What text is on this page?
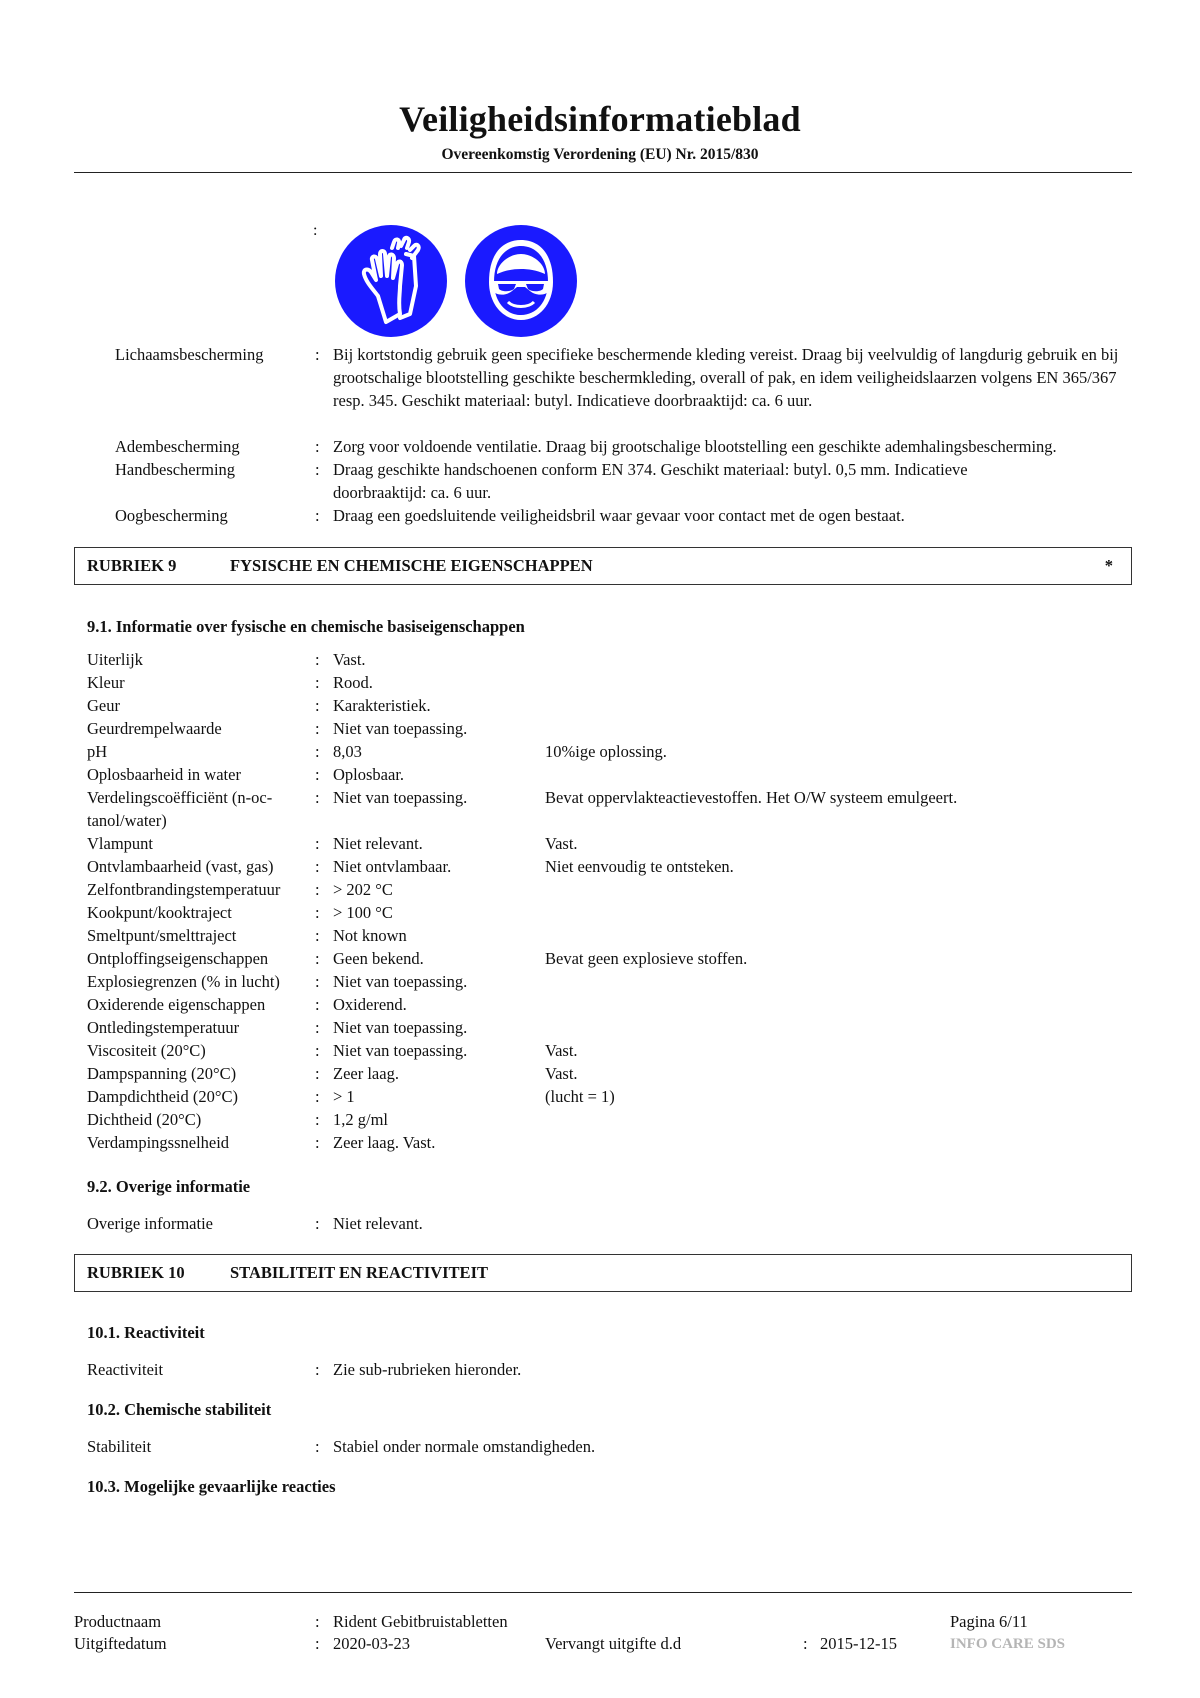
Veiligheidsinformatieblad
Overeenkomstig Verordening (EU) Nr. 2015/830
:
Lichaamsbescherming	: Bij kortstondig gebruik geen specifieke beschermende kleding vereist. Draag bij veelvuldig of langdurig gebruik en bij grootschalige blootstelling geschikte beschermkleding, overall of pak, en idem veiligheidslaarzen volgens EN 365/367 resp. 345. Geschikt materiaal: butyl. Indicatieve doorbraaktijd: ca. 6 uur.
Adembescherming	: Zorg voor voldoende ventilatie. Draag bij grootschalige blootstelling een geschikte ademhalingsbescherming.
Handbescherming	: Draag geschikte handschoenen conform EN 374. Geschikt materiaal: butyl. 0,5 mm. Indicatieve doorbraaktijd: ca. 6 uur.
Oogbescherming	: Draag een goedsluitende veiligheidsbril waar gevaar voor contact met de ogen bestaat.
RUBRIEK 9	FYSISCHE EN CHEMISCHE EIGENSCHAPPEN	*
9.1. Informatie over fysische en chemische basiseigenschappen
Uiterlijk	: Vast.
Kleur	: Rood.
Geur	: Karakteristiek.
Geurdrempelwaarde	: Niet van toepassing.
pH	: 8,03	10%ige oplossing.
Oplosbaarheid in water	: Oplosbaar.
Verdelingscoëfficiënt (n-oc-tanol/water)
: Niet van toepassing.	Bevat oppervlakteactievestoffen. Het O/W systeem emulgeert.
Vlampunt	: Niet relevant.	Vast.
Ontvlambaarheid (vast, gas)	: Niet ontvlambaar.	Niet eenvoudig te ontsteken.
Zelfontbrandingstemperatuur	: > 202 °C
Kookpunt/kooktraject	: > 100 °C
Smeltpunt/smelttraject	: Not known
Ontploffingseigenschappen	: Geen bekend.	Bevat geen explosieve stoffen.
Explosiegrenzen (% in lucht)	: Niet van toepassing.
Oxiderende eigenschappen	: Oxiderend.
Ontledingstemperatuur	: Niet van toepassing.
Viscositeit (20°C)	: Niet van toepassing.	Vast.
Dampspanning (20°C)	: Zeer laag.	Vast.
Dampdichtheid (20°C)	: > 1	(lucht = 1)
Dichtheid (20°C)	: 1,2 g/ml
Verdampingssnelheid	: Zeer laag. Vast.
9.2. Overige informatie
Overige informatie	: Niet relevant.
RUBRIEK 10	STABILITEIT EN REACTIVITEIT
10.1. Reactiviteit
Reactiviteit	: Zie sub-rubrieken hieronder.
10.2. Chemische stabiliteit
Stabiliteit	: Stabiel onder normale omstandigheden.
10.3. Mogelijke gevaarlijke reacties
Productnaam	: Rident Gebitbruistabletten	Pagina 6/11
Uitgiftedatum	: 2020-03-23	Vervangt uitgifte d.d	: 2015-12-15	INFO CARE SDS
